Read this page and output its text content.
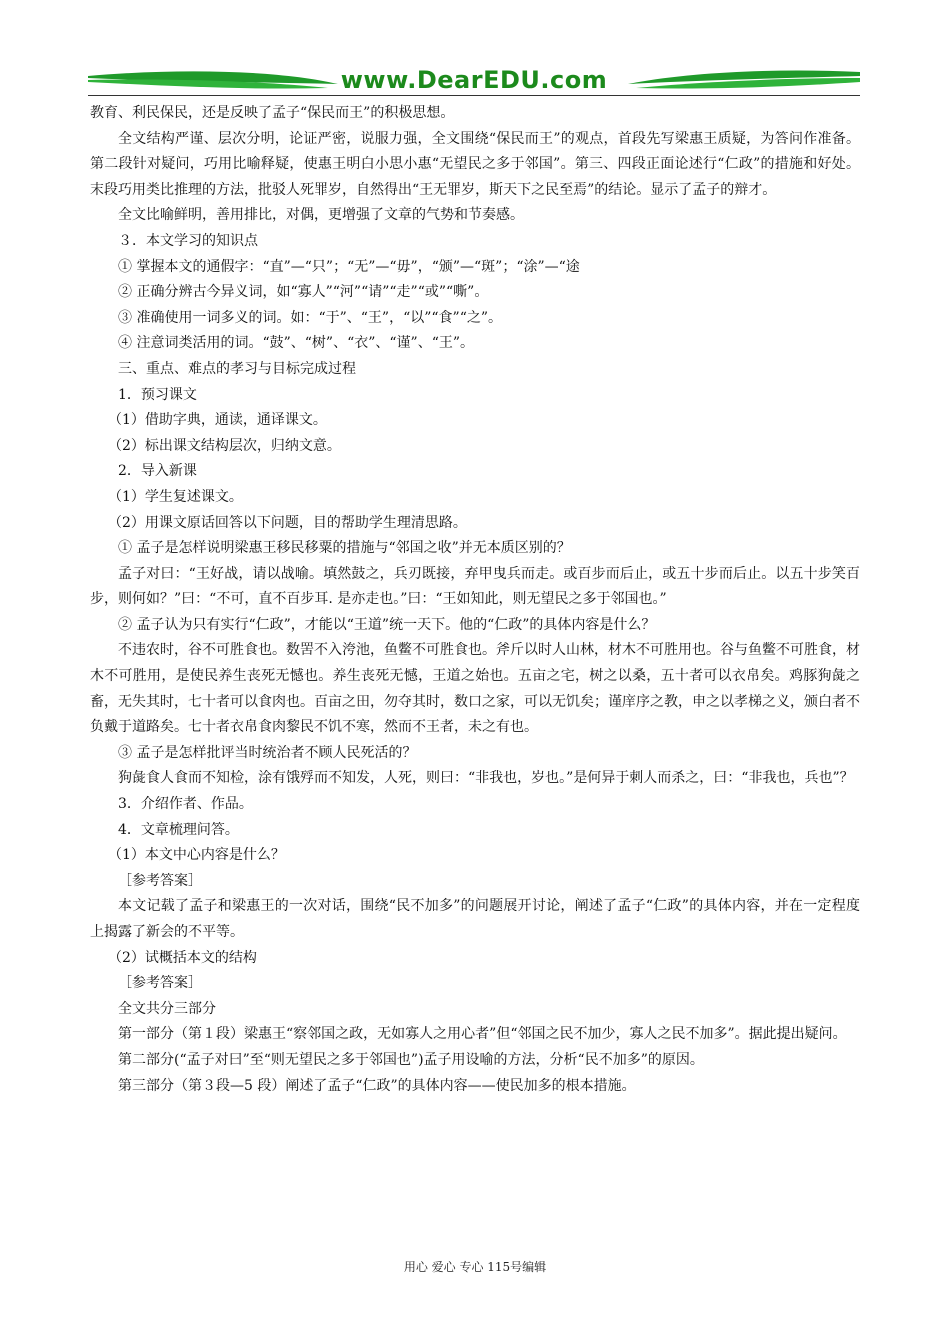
www.DearEDU.com

教育、利民保民，还是反映了孟子“保民而王”的积极思想。

全文结构严谨、层次分明，论证严密，说服力强，全文围绕“保民而王”的观点，首段先写梁惠王质疑，为答问作准备。第二段针对疑问，巧用比喻释疑，使惠王明白小思小惠“无望民之多于邻国”。第三、四段正面论述行“仁政”的措施和好处。末段巧用类比推理的方法，批驳人死罪岁，自然得出“王无罪岁，斯天下之民至焉”的结论。显示了孟子的辩才。

全文比喻鲜明，善用排比，对偶，更增强了文章的气势和节奏感。

３．本文学习的知识点

① 掌握本文的通假字：“直”—“只”；“无”—“毋”，“颁”—“斑”；“涂”—“途

② 正确分辨古今异义词，如“寡人”“河”“请”“走”“或”“嘶”。

③ 准确使用一词多义的词。如：“于”、“王”，“以”“食”“之”。

④ 注意词类活用的词。“鼓”、“树”、“衣”、“谨”、“王”。

三、重点、难点的孝习与目标完成过程

1．预习课文

（1）借助字典，通读，通译课文。

（2）标出课文结构层次，归纳文意。

2．导入新课

（1）学生复述课文。

（2）用课文原话回答以下问题，目的帮助学生理清思路。

① 孟子是怎样说明梁惠王移民移粟的措施与“邻国之收”并无本质区别的？

孟子对曰：“王好战，请以战喻。填然鼓之，兵刃既接，弃甲曳兵而走。或百步而后止，或五十步而后止。以五十步笑百步，则何如？”曰：“不可，直不百步耳. 是亦走也。”曰：“王如知此，则无望民之多于邻国也。”

② 孟子认为只有实行“仁政”，才能以“王道”统一天下。他的“仁政”的具体内容是什么？

不违农时，谷不可胜食也。数罟不入洿池，鱼鳖不可胜食也。斧斤以时人山林，材木不可胜用也。谷与鱼鳖不可胜食，材木不可胜用，是使民养生丧死无憾也。养生丧死无憾，王道之始也。五亩之宅，树之以桑，五十者可以衣帛矣。鸡豚狗彘之畜，无失其时，七十者可以食肉也。百亩之田，勿夺其时，数口之家，可以无饥矣；谨庠序之教，申之以孝梯之义，颁白者不负戴于道路矣。七十者衣帛食肉黎民不饥不寒，然而不王者，未之有也。

③ 孟子是怎样批评当时统治者不顾人民死活的？

狗彘食人食而不知检，涂有饿殍而不知发，人死，则曰：“非我也，岁也。”是何异于刺人而杀之，曰：“非我也，兵也”？

3．介绍作者、作品。

4．文章梳理问答。

（1）本文中心内容是什么？

［参考答案］

本文记载了孟子和梁惠王的一次对话，围绕“民不加多”的问题展开讨论，阐述了孟子“仁政”的具体内容，并在一定程度上揭露了新会的不平等。

（2）试概括本文的结构

［参考答案］

全文共分三部分

第一部分（第１段）梁惠王“察邻国之政，无如寡人之用心者”但“邻国之民不加少，寡人之民不加多”。据此提出疑问。

第二部分(“孟子对曰”至“则无望民之多于邻国也”)孟子用设喻的方法，分析“民不加多”的原因。

第三部分（第３段—5 段）阐述了孟子“仁政”的具体内容——使民加多的根本措施。

用心 爱心 专心 115号编辑
